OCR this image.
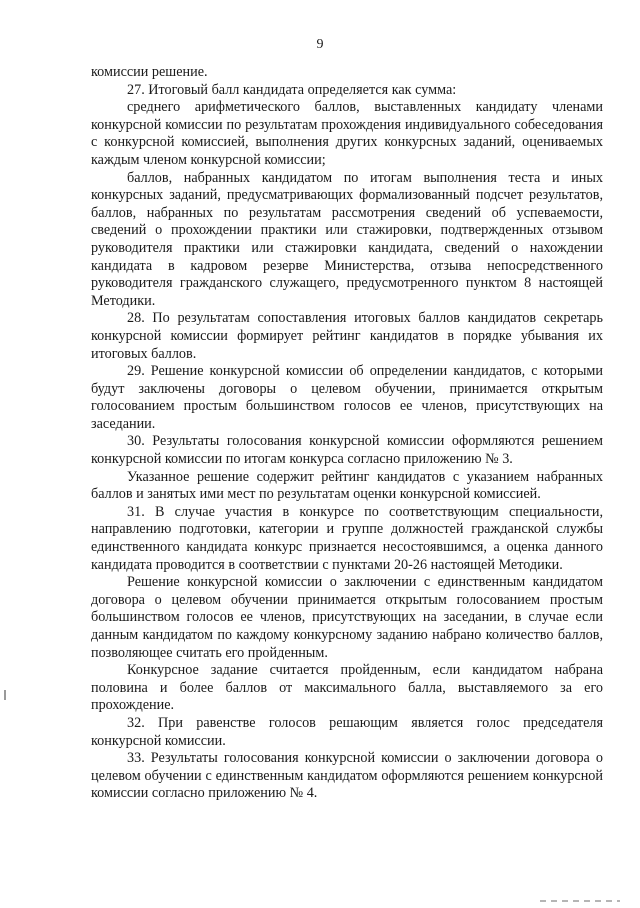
9

комиссии решение.

27. Итоговый балл кандидата определяется как сумма:

среднего арифметического баллов, выставленных кандидату членами конкурсной комиссии по результатам прохождения индивидуального собеседования с конкурсной комиссией, выполнения других конкурсных заданий, оцениваемых каждым членом конкурсной комиссии;

баллов, набранных кандидатом по итогам выполнения теста и иных конкурсных заданий, предусматривающих формализованный подсчет результатов, баллов, набранных по результатам рассмотрения сведений об успеваемости, сведений о прохождении практики или стажировки, подтвержденных отзывом руководителя практики или стажировки кандидата, сведений о нахождении кандидата в кадровом резерве Министерства, отзыва непосредственного руководителя гражданского служащего, предусмотренного пунктом 8 настоящей Методики.

28. По результатам сопоставления итоговых баллов кандидатов секретарь конкурсной комиссии формирует рейтинг кандидатов в порядке убывания их итоговых баллов.

29. Решение конкурсной комиссии об определении кандидатов, с которыми будут заключены договоры о целевом обучении, принимается открытым голосованием простым большинством голосов ее членов, присутствующих на заседании.

30. Результаты голосования конкурсной комиссии оформляются решением конкурсной комиссии по итогам конкурса согласно приложению № 3.

Указанное решение содержит рейтинг кандидатов с указанием набранных баллов и занятых ими мест по результатам оценки конкурсной комиссией.

31. В случае участия в конкурсе по соответствующим специальности, направлению подготовки, категории и группе должностей гражданской службы единственного кандидата конкурс признается несостоявшимся, а оценка данного кандидата проводится в соответствии с пунктами 20-26 настоящей Методики.

Решение конкурсной комиссии о заключении с единственным кандидатом договора о целевом обучении принимается открытым голосованием простым большинством голосов ее членов, присутствующих на заседании, в случае если данным кандидатом по каждому конкурсному заданию набрано количество баллов, позволяющее считать его пройденным.

Конкурсное задание считается пройденным, если кандидатом набрана половина и более баллов от максимального балла, выставляемого за его прохождение.

32. При равенстве голосов решающим является голос председателя конкурсной комиссии.

33. Результаты голосования конкурсной комиссии о заключении договора о целевом обучении с единственным кандидатом оформляются решением конкурсной комиссии согласно приложению № 4.
